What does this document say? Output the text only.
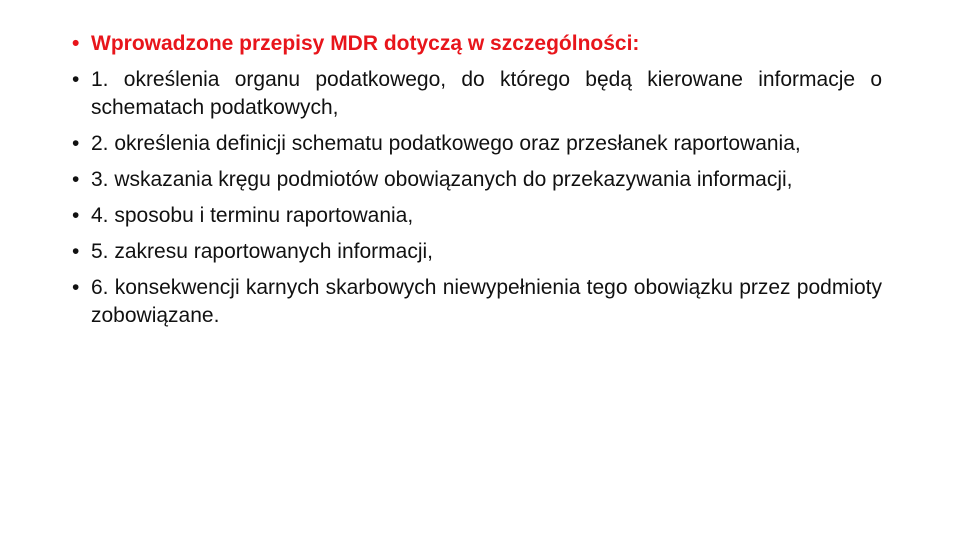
• Wprowadzone przepisy MDR dotyczą w szczególności:
• 1. określenia organu podatkowego, do którego będą kierowane informacje o schematach podatkowych,
• 2. określenia definicji schematu podatkowego oraz przesłanek raportowania,
• 3. wskazania kręgu podmiotów obowiązanych do przekazywania informacji,
• 4. sposobu i terminu raportowania,
• 5. zakresu raportowanych informacji,
• 6. konsekwencji karnych skarbowych niewypełnienia tego obowiązku przez podmioty zobowiązane.
